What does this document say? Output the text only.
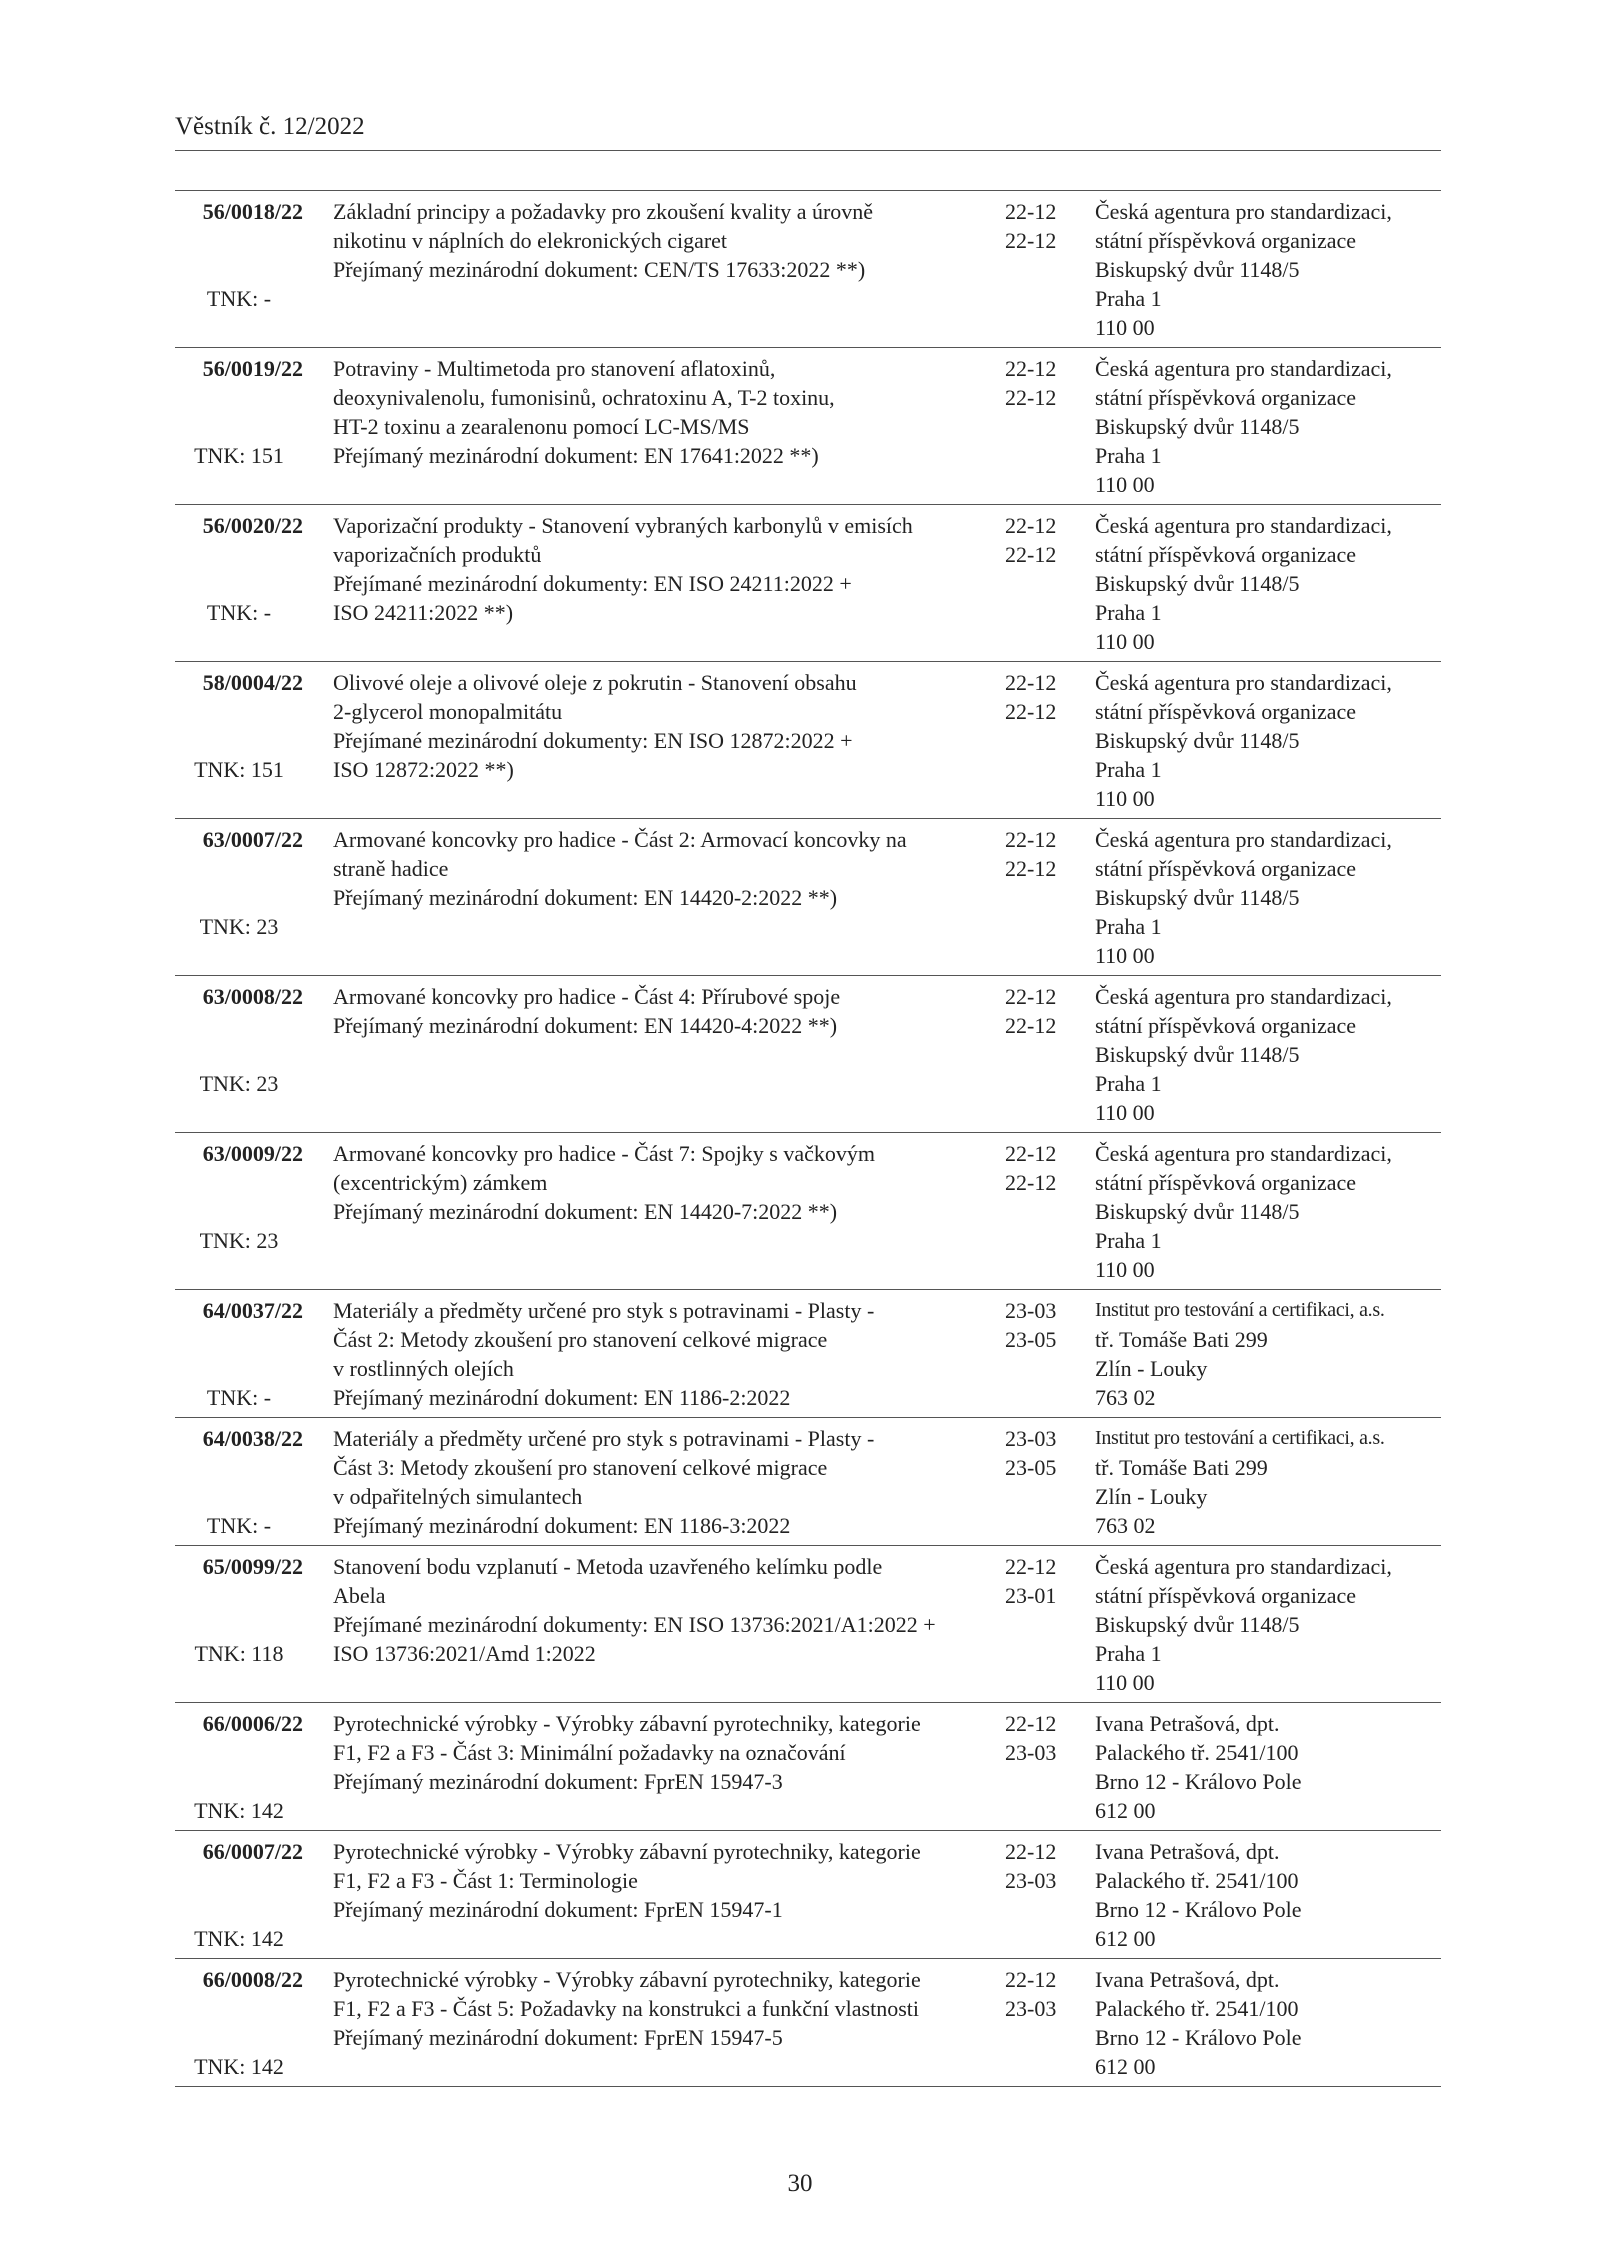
Věstník č. 12/2022
56/0018/22
TNK: -
Základní principy a požadavky pro zkoušení kvality a úrovně
nikotinu v náplních do elekronických cigaret
Přejímaný mezinárodní dokument: CEN/TS 17633:2022 **)
22-12
22-12
Česká agentura pro standardizaci,
státní příspěvková organizace
Biskupský dvůr 1148/5
Praha 1
110 00
56/0019/22
TNK: 151
Potraviny - Multimetoda pro stanovení aflatoxinů,
deoxynivalenolu, fumonisinů, ochratoxinu A, T-2 toxinu,
HT-2 toxinu a zearalenonu pomocí LC-MS/MS
Přejímaný mezinárodní dokument: EN 17641:2022 **)
22-12
22-12
Česká agentura pro standardizaci,
státní příspěvková organizace
Biskupský dvůr 1148/5
Praha 1
110 00
56/0020/22
TNK: -
Vaporizační produkty - Stanovení vybraných karbonylů v emisích
vaporizačních produktů
Přejímané mezinárodní dokumenty: EN ISO 24211:2022 +
ISO 24211:2022 **)
22-12
22-12
Česká agentura pro standardizaci,
státní příspěvková organizace
Biskupský dvůr 1148/5
Praha 1
110 00
58/0004/22
TNK: 151
Olivové oleje a olivové oleje z pokrutin - Stanovení obsahu
2-glycerol monopalmitátu
Přejímané mezinárodní dokumenty: EN ISO 12872:2022 +
ISO 12872:2022 **)
22-12
22-12
Česká agentura pro standardizaci,
státní příspěvková organizace
Biskupský dvůr 1148/5
Praha 1
110 00
63/0007/22
TNK: 23
Armované koncovky pro hadice - Část 2: Armovací koncovky na
straně hadice
Přejímaný mezinárodní dokument: EN 14420-2:2022 **)
22-12
22-12
Česká agentura pro standardizaci,
státní příspěvková organizace
Biskupský dvůr 1148/5
Praha 1
110 00
63/0008/22
TNK: 23
Armované koncovky pro hadice - Část 4: Přírubové spoje
Přejímaný mezinárodní dokument: EN 14420-4:2022 **)
22-12
22-12
Česká agentura pro standardizaci,
státní příspěvková organizace
Biskupský dvůr 1148/5
Praha 1
110 00
63/0009/22
TNK: 23
Armované koncovky pro hadice - Část 7: Spojky s vačkovým
(excentrickým) zámkem
Přejímaný mezinárodní dokument: EN 14420-7:2022 **)
22-12
22-12
Česká agentura pro standardizaci,
státní příspěvková organizace
Biskupský dvůr 1148/5
Praha 1
110 00
64/0037/22
TNK: -
Materiály a předměty určené pro styk s potravinami - Plasty -
Část 2: Metody zkoušení pro stanovení celkové migrace
v rostlinných olejích
Přejímaný mezinárodní dokument: EN 1186-2:2022
23-03
23-05
Institut pro testování a certifikaci, a.s.
tř. Tomáše Bati 299
Zlín - Louky
763 02
64/0038/22
TNK: -
Materiály a předměty určené pro styk s potravinami - Plasty -
Část 3: Metody zkoušení pro stanovení celkové migrace
v odpařitelných simulantech
Přejímaný mezinárodní dokument: EN 1186-3:2022
23-03
23-05
Institut pro testování a certifikaci, a.s.
tř. Tomáše Bati 299
Zlín - Louky
763 02
65/0099/22
TNK: 118
Stanovení bodu vzplanutí - Metoda uzavřeného kelímku podle
Abela
Přejímané mezinárodní dokumenty: EN ISO 13736:2021/A1:2022 +
ISO 13736:2021/Amd 1:2022
22-12
23-01
Česká agentura pro standardizaci,
státní příspěvková organizace
Biskupský dvůr 1148/5
Praha 1
110 00
66/0006/22
TNK: 142
Pyrotechnické výrobky - Výrobky zábavní pyrotechniky, kategorie
F1, F2 a F3 - Část 3: Minimální požadavky na označování
Přejímaný mezinárodní dokument: FprEN 15947-3
22-12
23-03
Ivana Petrašová, dpt.
Palackého tř. 2541/100
Brno 12 - Královo Pole
612 00
66/0007/22
TNK: 142
Pyrotechnické výrobky - Výrobky zábavní pyrotechniky, kategorie
F1, F2 a F3 - Část 1: Terminologie
Přejímaný mezinárodní dokument: FprEN 15947-1
22-12
23-03
Ivana Petrašová, dpt.
Palackého tř. 2541/100
Brno 12 - Královo Pole
612 00
66/0008/22
TNK: 142
Pyrotechnické výrobky - Výrobky zábavní pyrotechniky, kategorie
F1, F2 a F3 - Část 5: Požadavky na konstrukci a funkční vlastnosti
Přejímaný mezinárodní dokument: FprEN 15947-5
22-12
23-03
Ivana Petrašová, dpt.
Palackého tř. 2541/100
Brno 12 - Královo Pole
612 00
30
